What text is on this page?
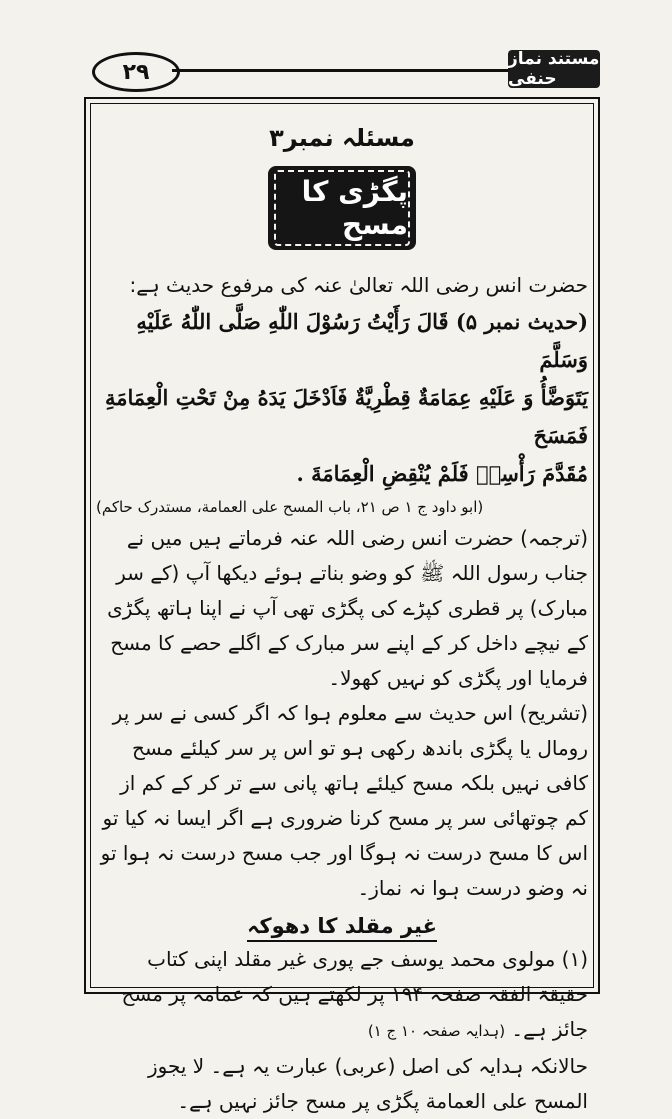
۲۹
مستند نماز حنفی
مسئلہ نمبر۳
پگڑی کا مسح

حضرت انس رضی اللہ تعالیٰ عنہ کی مرفوع حدیث ہے:

(حدیث نمبر ۵) قَالَ رَأَيْتُ رَسُوْلَ اللّٰهِ صَلَّى اللّٰهُ عَلَيْهِ وَسَلَّمَ

يَتَوَضَّأُ وَ عَلَيْهِ عِمَامَةٌ قِطْرِيَّةٌ فَاَدْخَلَ يَدَهُ مِنْ تَحْتِ الْعِمَامَةِ فَمَسَحَ

مُقَدَّمَ رَأْسِهٖ فَلَمْ يُنْقِضِ الْعِمَامَةَ .

(ابو داود ج ۱ ص ۲۱، باب المسح علی العمامة، مستدرک حاکم)

(ترجمہ) حضرت انس رضی اللہ عنہ فرماتے ہیں میں نے جناب رسول اللہ ﷺ کو وضو بناتے ہوئے دیکھا آپ (کے سر مبارک) پر قطری کپڑے کی پگڑی تھی آپ نے اپنا ہاتھ پگڑی کے نیچے داخل کر کے اپنے سر مبارک کے اگلے حصے کا مسح فرمایا اور پگڑی کو نہیں کھولا۔

(تشریح) اس حدیث سے معلوم ہوا کہ اگر کسی نے سر پر رومال یا پگڑی باندھ رکھی ہو تو اس پر سر کیلئے مسح کافی نہیں بلکہ مسح کیلئے ہاتھ پانی سے تر کر کے کم از کم چوتھائی سر پر مسح کرنا ضروری ہے اگر ایسا نہ کیا تو اس کا مسح درست نہ ہوگا اور جب مسح درست نہ ہوا تو نہ وضو درست ہوا نہ نماز۔

غیر مقلد کا دھوکہ

(۱) مولوی محمد یوسف جے پوری غیر مقلد اپنی کتاب حقیقۃ الفقہ صفحہ ۱۹۴ پر لکھتے ہیں کہ عمامہ پر مسح جائز ہے۔ (ہدایہ صفحہ ۱۰ ج ۱)

حالانکہ ہدایہ کی اصل (عربی) عبارت یہ ہے۔ لا یجوز المسح علی العمامة پگڑی پر مسح جائز نہیں ہے۔
